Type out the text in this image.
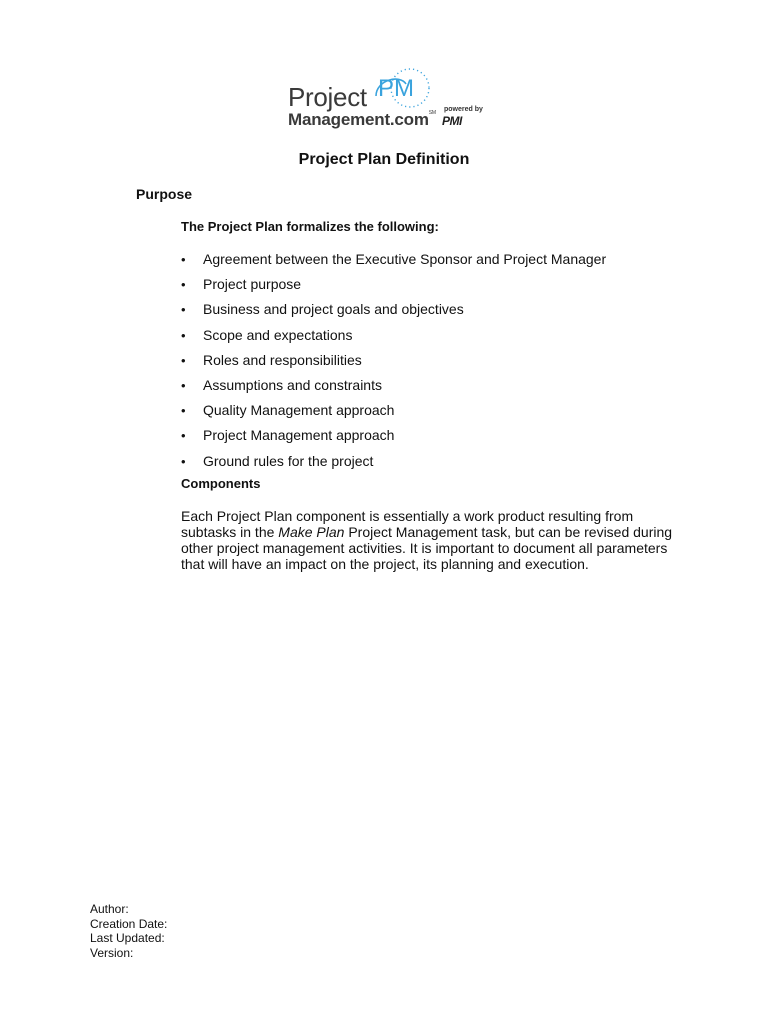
Project PM
Management.com℠ powered by
PMI
Project Plan Definition
Purpose

The Project Plan formalizes the following:

• Agreement between the Executive Sponsor and Project Manager
• Project purpose
• Business and project goals and objectives
• Scope and expectations
• Roles and responsibilities
• Assumptions and constraints
• Quality Management approach
• Project Management approach
• Ground rules for the project
Components

Each Project Plan component is essentially a work product resulting from subtasks in the Make Plan Project Management task, but can be revised during other project management activities. It is important to document all parameters that will have an impact on the project, its planning and execution.

Author:
Creation Date:
Last Updated:
Version:
